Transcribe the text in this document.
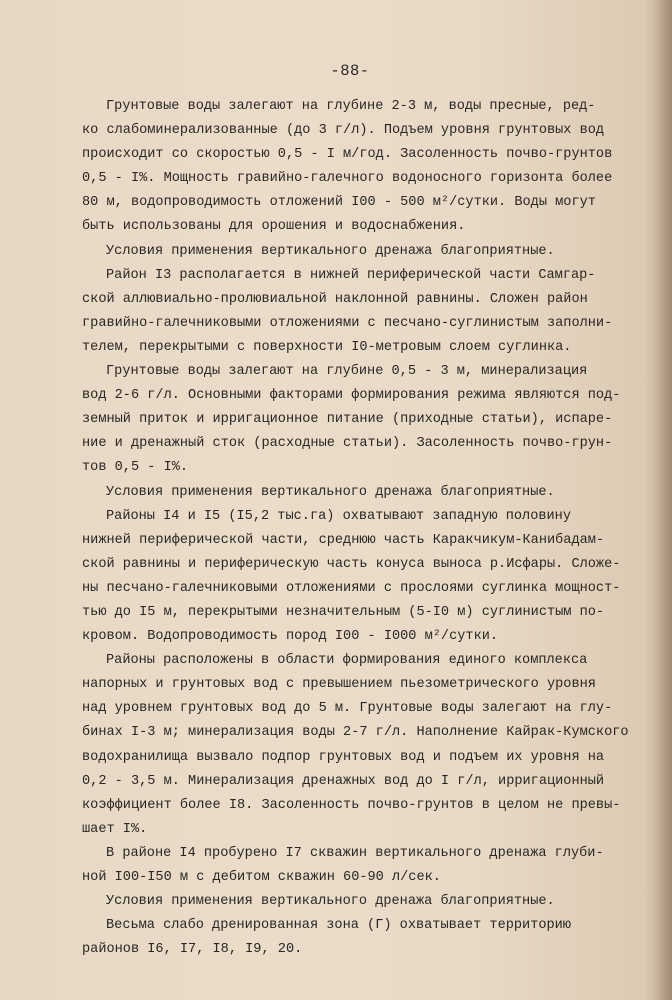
-88-
Грунтовые воды залегают на глубине 2-3 м, воды пресные, ред-
ко слабоминерализованные (до 3 г/л). Подъем уровня грунтовых вод
происходит со скоростью 0,5 - I м/год. Засоленность почво-грунтов
0,5 - I%. Мощность гравийно-галечного водоносного горизонта более
80 м, водопроводимость отложений I00 - 500 м²/сутки. Воды могут
быть использованы для орошения и водоснабжения.
Условия применения вертикального дренажа благоприятные.
Район I3 располагается в нижней периферической части Самгар-
ской аллювиально-пролювиальной наклонной равнины. Сложен район
гравийно-галечниковыми отложениями с песчано-суглинистым заполни-
телем, перекрытыми с поверхности I0-метровым слоем суглинка.
Грунтовые воды залегают на глубине 0,5 - 3 м, минерализация
вод 2-6 г/л. Основными факторами формирования режима являются под-
земный приток и ирригационное питание (приходные статьи), испаре-
ние и дренажный сток (расходные статьи). Засоленность почво-грун-
тов 0,5 - I%.
Условия применения вертикального дренажа благоприятные.
Районы I4 и I5 (I5,2 тыс.га) охватывают западную половину
нижней периферической части, среднюю часть Каракчикум-Канибадам-
ской равнины и периферическую часть конуса выноса р.Исфары. Сложе-
ны песчано-галечниковыми отложениями с прослоями суглинка мощност-
тью до I5 м, перекрытыми незначительным (5-I0 м) суглинистым по-
кровом. Водопроводимость пород I00 - I000 м²/сутки.
Районы расположены в области формирования единого комплекса
напорных и грунтовых вод с превышением пьезометрического уровня
над уровнем грунтовых вод до 5 м. Грунтовые воды залегают на глу-
бинах I-3 м; минерализация воды 2-7 г/л. Наполнение Кайрак-Кумского
водохранилища вызвало подпор грунтовых вод и подъем их уровня на
0,2 - 3,5 м. Минерализация дренажных вод до I г/л, ирригационный
коэффициент более I8. Засоленность почво-грунтов в целом не превы-
шает I%.
В районе I4 пробурено I7 скважин вертикального дренажа глуби-
ной I00-I50 м с дебитом скважин 60-90 л/сек.
Условия применения вертикального дренажа благоприятные.
Весьма слабо дренированная зона (Г) охватывает территорию
районов I6, I7, I8, I9, 20.
